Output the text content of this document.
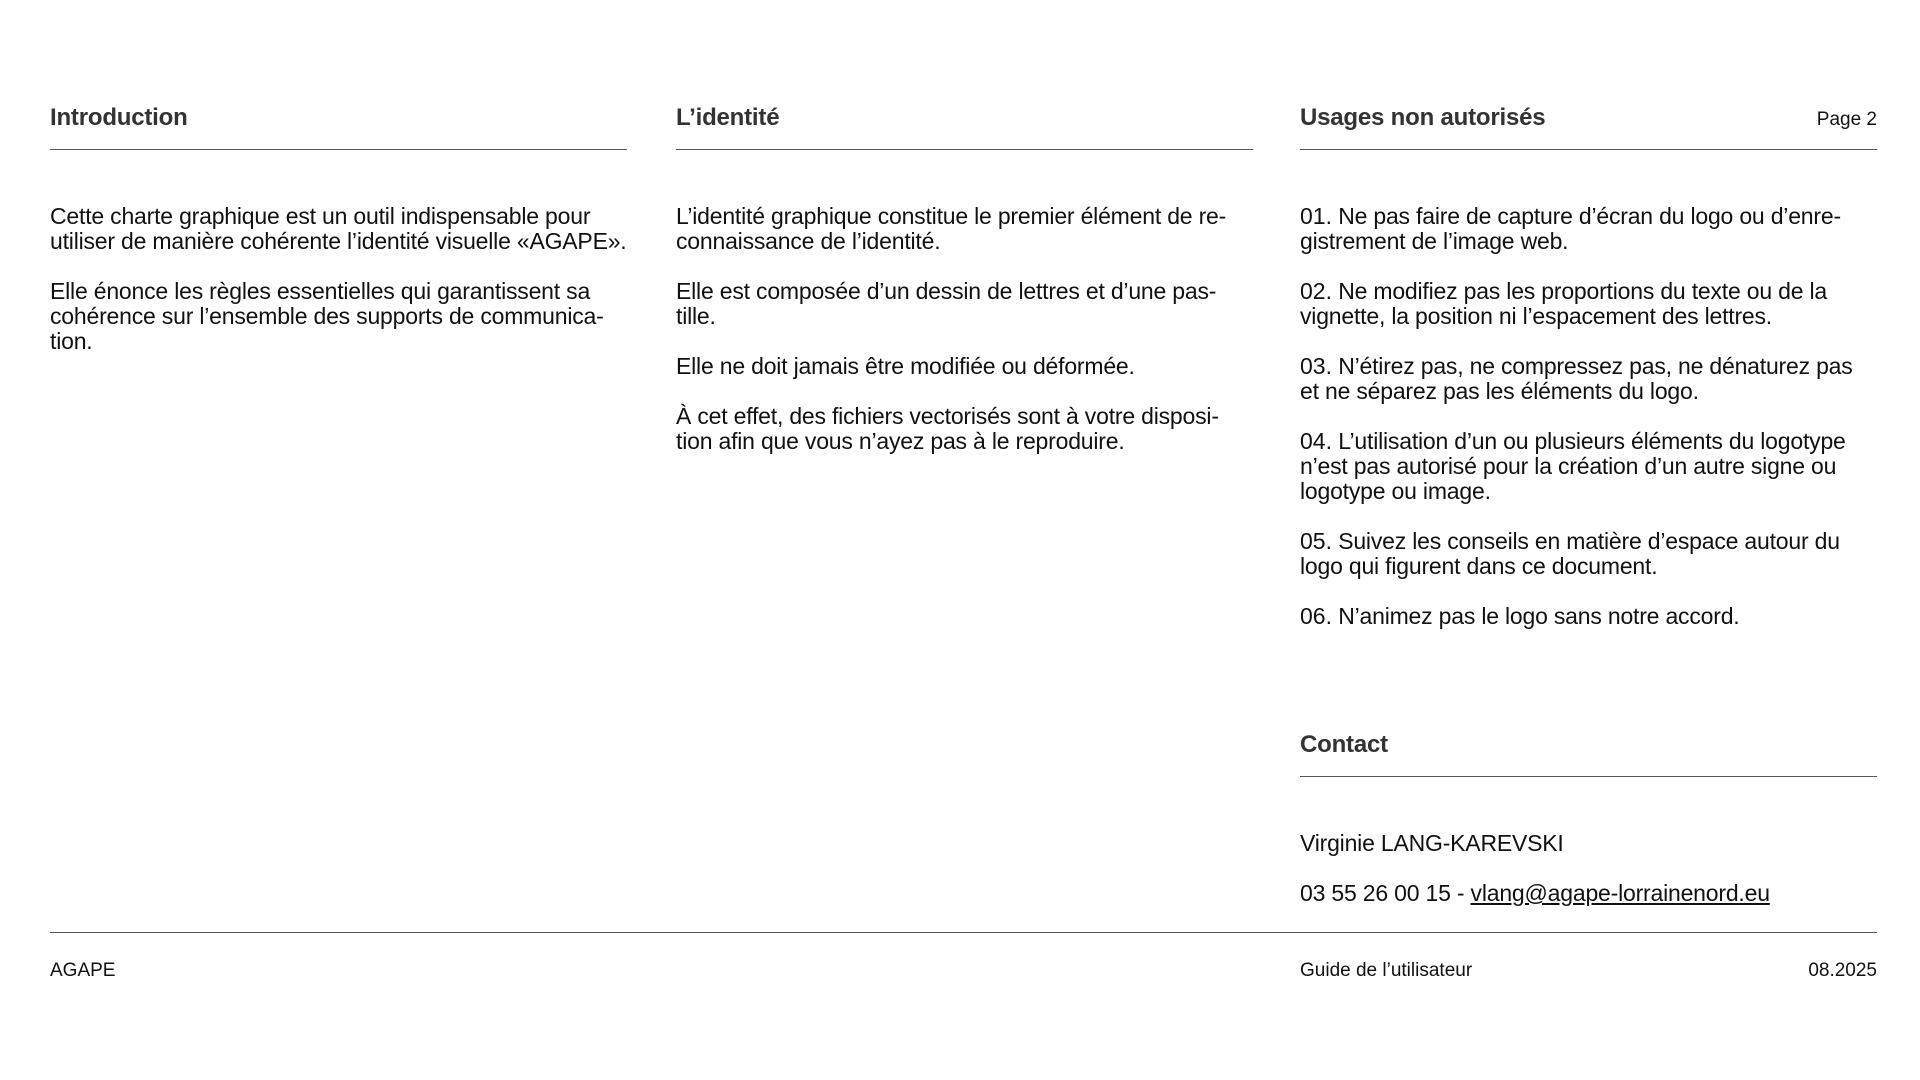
Introduction

Cette charte graphique est un outil indispensable pour utiliser de manière cohérente l’identité visuelle «AGAPE».

Elle énonce les règles essentielles qui garantissent sa cohérence sur l’ensemble des supports de communica-tion.

L’identité

L’identité graphique constitue le premier élément de re-connaissance de l’identité.

Elle est composée d’un dessin de lettres et d’une pas-tille.

Elle ne doit jamais être modifiée ou déformée.

À cet effet, des fichiers vectorisés sont à votre disposi-tion afin que vous n’ayez pas à le reproduire.

Usages non autorisés	Page 2

01. Ne pas faire de capture d’écran du logo ou d’enre-gistrement de l’image web.

02. Ne modifiez pas les proportions du texte ou de la vignette, la position ni l’espacement des lettres.

03. N’étirez pas, ne compressez pas, ne dénaturez pas et ne séparez pas les éléments du logo.

04. L’utilisation d’un ou plusieurs éléments du logotype n’est pas autorisé pour la création d’un autre signe ou logotype ou image.

05. Suivez les conseils en matière d’espace autour du logo qui figurent dans ce document.

06. N’animez pas le logo sans notre accord.

Contact

Virginie LANG-KAREVSKI

03 55 26 00 15 - vlang@agape-lorrainenord.eu

AGAPE	Guide de l’utilisateur	08.2025
